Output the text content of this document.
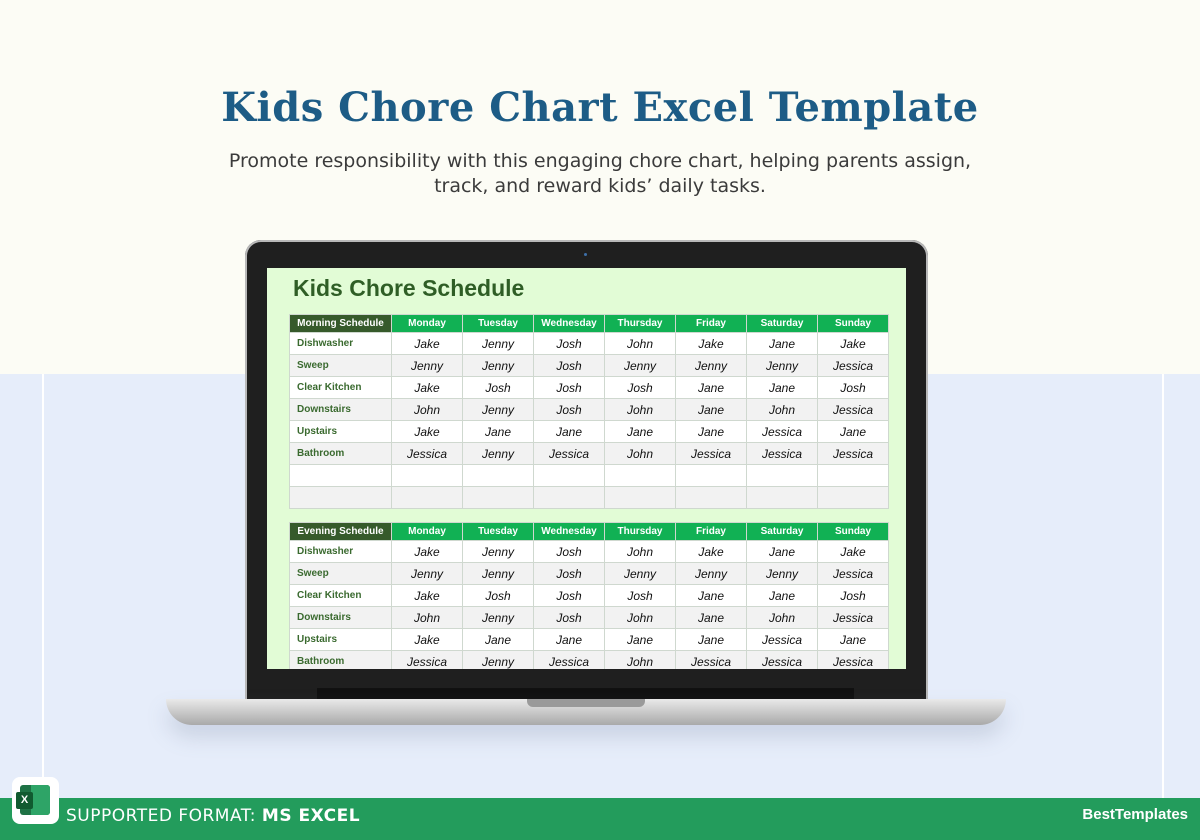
Kids Chore Chart Excel Template
Promote responsibility with this engaging chore chart, helping parents assign, track, and reward kids’ daily tasks.
Kids Chore Schedule
Morning Schedule	Monday	Tuesday	Wednesday	Thursday	Friday	Saturday	Sunday
Dishwasher	Jake	Jenny	Josh	John	Jake	Jane	Jake
Sweep	Jenny	Jenny	Josh	Jenny	Jenny	Jenny	Jessica
Clear Kitchen	Jake	Josh	Josh	Josh	Jane	Jane	Josh
Downstairs	John	Jenny	Josh	John	Jane	John	Jessica
Upstairs	Jake	Jane	Jane	Jane	Jane	Jessica	Jane
Bathroom	Jessica	Jenny	Jessica	John	Jessica	Jessica	Jessica

Evening Schedule	Monday	Tuesday	Wednesday	Thursday	Friday	Saturday	Sunday
Dishwasher	Jake	Jenny	Josh	John	Jake	Jane	Jake
Sweep	Jenny	Jenny	Josh	Jenny	Jenny	Jenny	Jessica
Clear Kitchen	Jake	Josh	Josh	Josh	Jane	Jane	Josh
Downstairs	John	Jenny	Josh	John	Jane	John	Jessica
Upstairs	Jake	Jane	Jane	Jane	Jane	Jessica	Jane
Bathroom	Jessica	Jenny	Jessica	John	Jessica	Jessica	Jessica
X
SUPPORTED FORMAT: MS EXCEL	BestTemplates
